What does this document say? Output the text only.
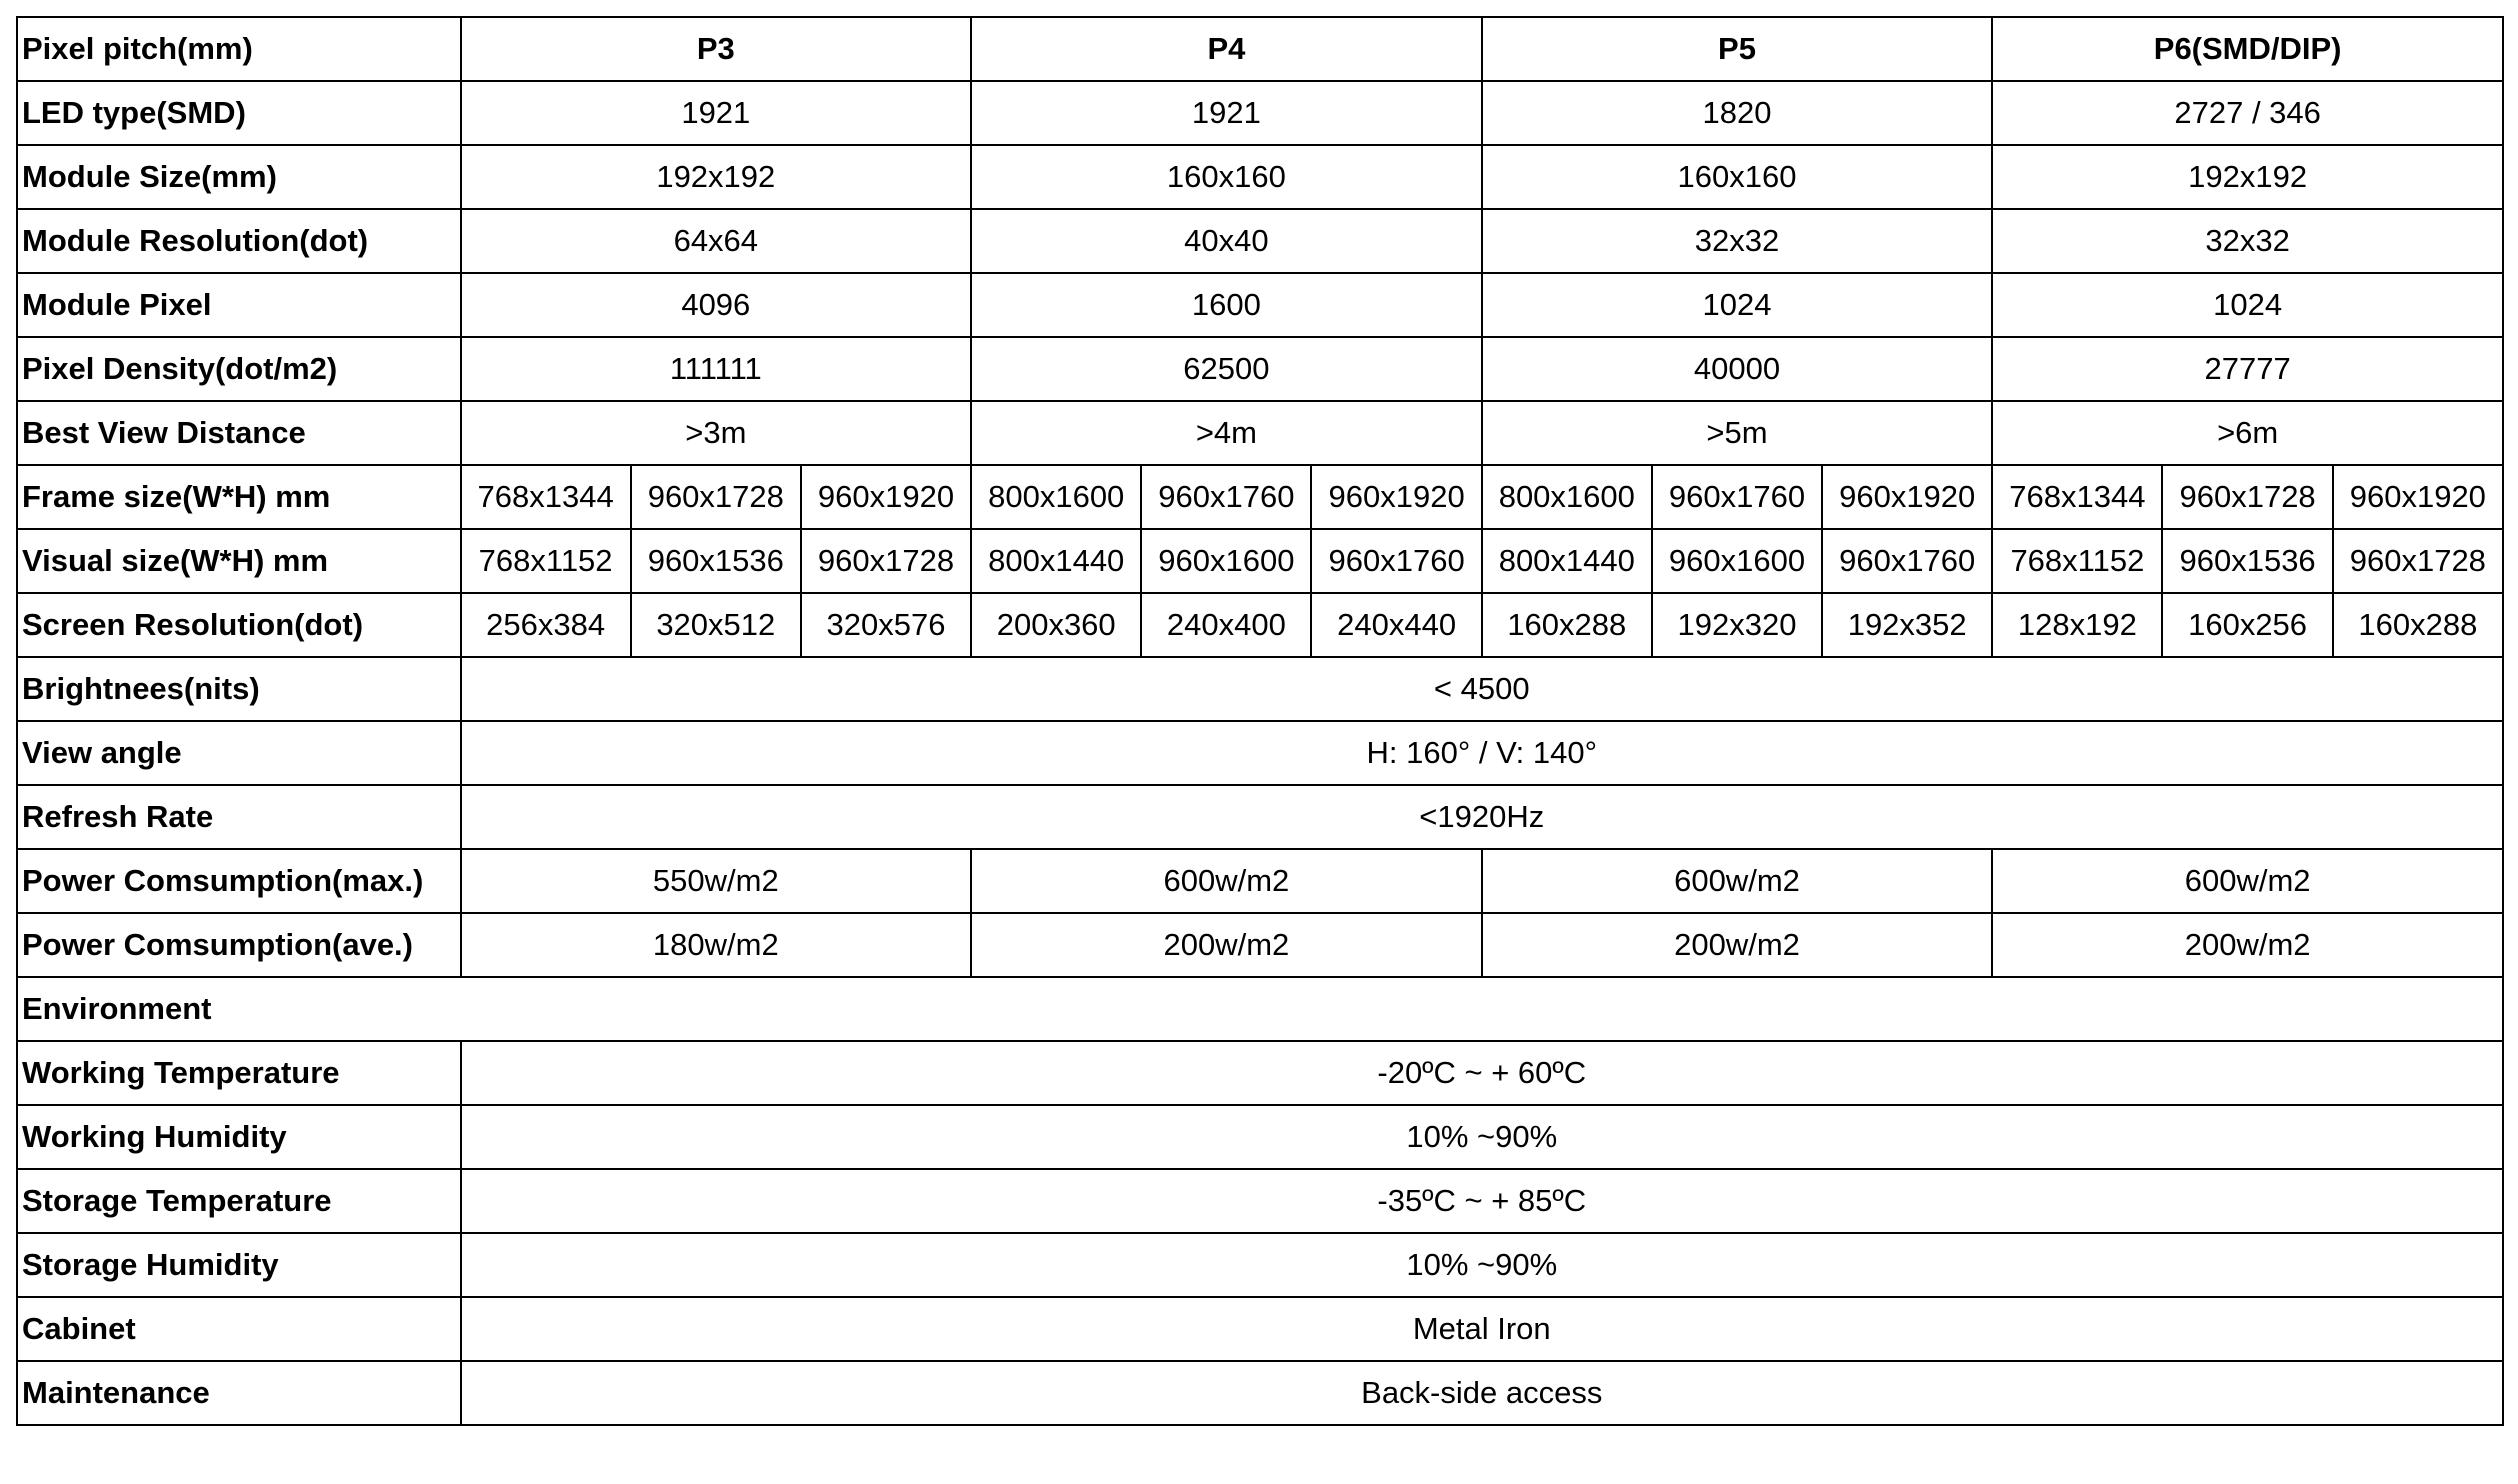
Pixel pitch(mm)	P3			P4			P5			P6(SMD/DIP)		
LED type(SMD)	1921			1921			1820			2727 / 346		
Module Size(mm)	192x192			160x160			160x160			192x192		
Module Resolution(dot)	64x64			40x40			32x32			32x32		
Module Pixel	4096			1600			1024			1024		
Pixel Density(dot/m2)	111111			62500			40000			27777		
Best View Distance	>3m			>4m			>5m			>6m		
Frame size(W*H) mm	768x1344	960x1728	960x1920	800x1600	960x1760	960x1920	800x1600	960x1760	960x1920	768x1344	960x1728	960x1920
Visual size(W*H) mm	768x1152	960x1536	960x1728	800x1440	960x1600	960x1760	800x1440	960x1600	960x1760	768x1152	960x1536	960x1728
Screen Resolution(dot)	256x384	320x512	320x576	200x360	240x400	240x440	160x288	192x320	192x352	128x192	160x256	160x288
Brightnees(nits)	< 4500											
View angle	H: 160° / V: 140°											
Refresh Rate	<1920Hz											
Power Comsumption(max.)	550w/m2			600w/m2			600w/m2			600w/m2		
Power Comsumption(ave.)	180w/m2			200w/m2			200w/m2			200w/m2		
Environment												
Working Temperature	-20ºC ~ + 60ºC											
Working Humidity	10% ~90%											
Storage Temperature	-35ºC ~ + 85ºC											
Storage Humidity	10% ~90%											
Cabinet	Metal Iron											
Maintenance	Back-side access											
